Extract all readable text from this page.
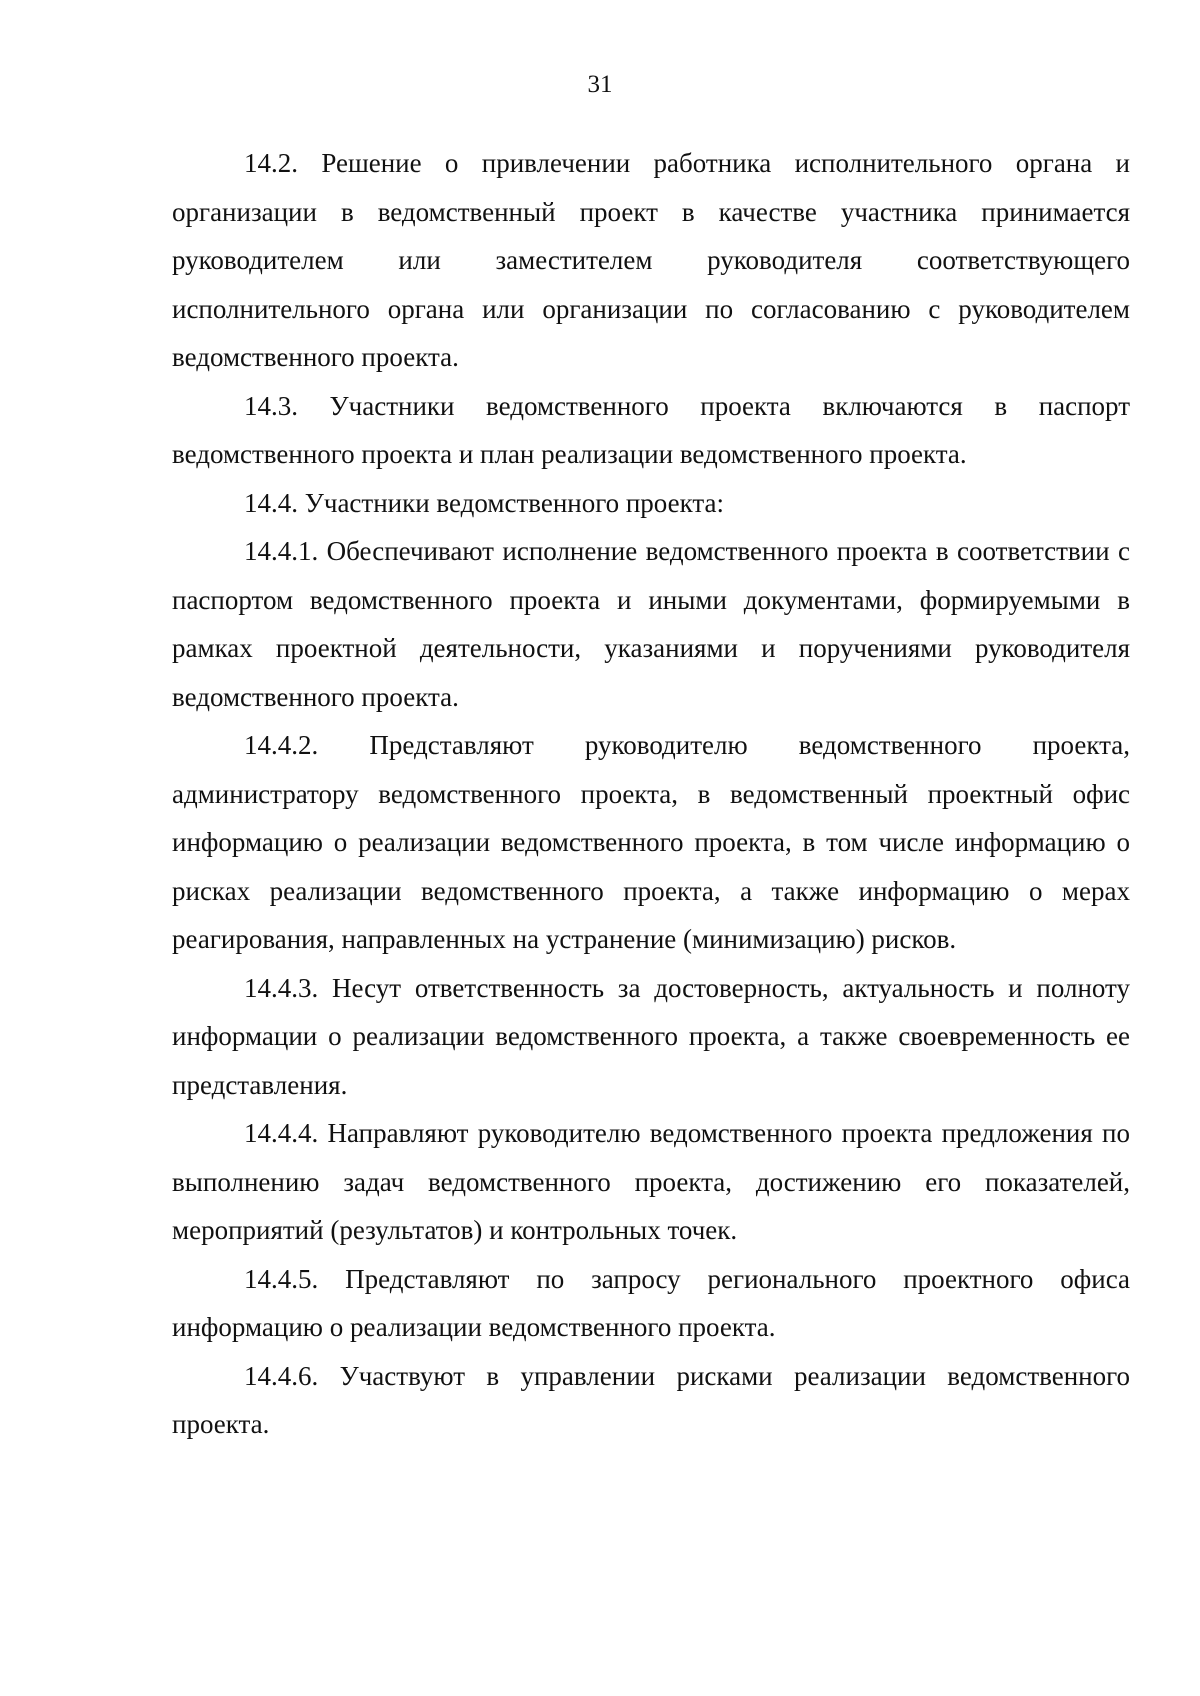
31

14.2. Решение о привлечении работника исполнительного органа и организации в ведомственный проект в качестве участника принимается руководителем или заместителем руководителя соответствующего исполнительного органа или организации по согласованию с руководителем ведомственного проекта.

14.3. Участники ведомственного проекта включаются в паспорт ведомственного проекта и план реализации ведомственного проекта.

14.4. Участники ведомственного проекта:

14.4.1. Обеспечивают исполнение ведомственного проекта в соответствии с паспортом ведомственного проекта и иными документами, формируемыми в рамках проектной деятельности, указаниями и поручениями руководителя ведомственного проекта.

14.4.2. Представляют руководителю ведомственного проекта, администратору ведомственного проекта, в ведомственный проектный офис информацию о реализации ведомственного проекта, в том числе информацию о рисках реализации ведомственного проекта, а также информацию о мерах реагирования, направленных на устранение (минимизацию) рисков.

14.4.3. Несут ответственность за достоверность, актуальность и полноту информации о реализации ведомственного проекта, а также своевременность ее представления.

14.4.4. Направляют руководителю ведомственного проекта предложения по выполнению задач ведомственного проекта, достижению его показателей, мероприятий (результатов) и контрольных точек.

14.4.5. Представляют по запросу регионального проектного офиса информацию о реализации ведомственного проекта.

14.4.6. Участвуют в управлении рисками реализации ведомственного проекта.
